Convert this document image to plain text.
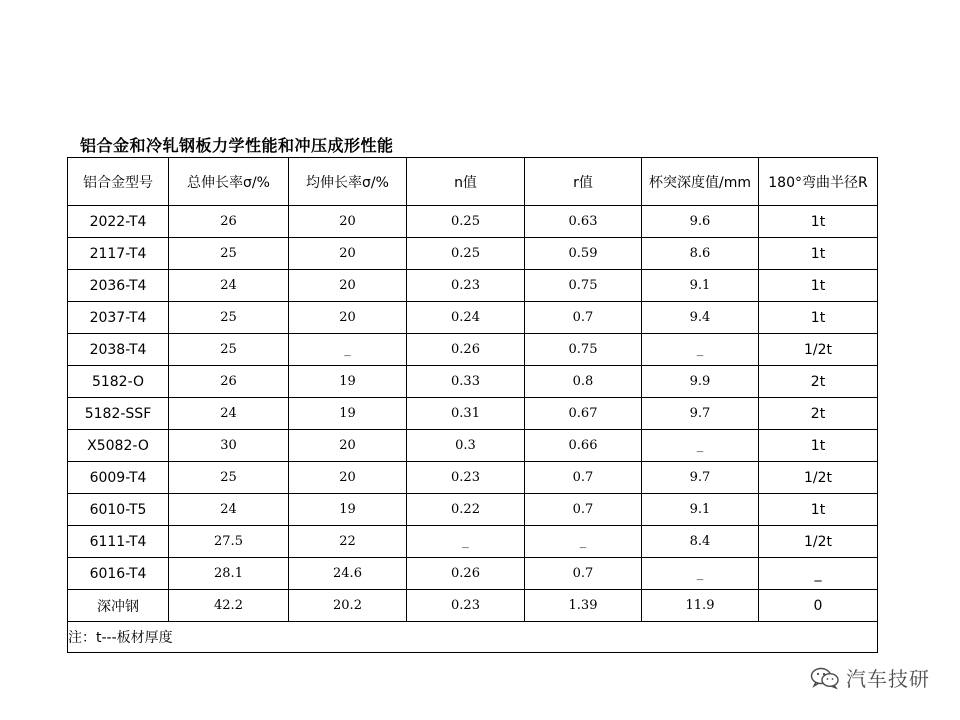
铝合金和冷轧钢板力学性能和冲压成形性能
铝合金型号	总伸长率σ/%	均伸长率σ/%	n值	r值	杯突深度值/mm	180°弯曲半径R
2022-T4	26	20	0.25	0.63	9.6	1t
2117-T4	25	20	0.25	0.59	8.6	1t
2036-T4	24	20	0.23	0.75	9.1	1t
2037-T4	25	20	0.24	0.7	9.4	1t
2038-T4	25	_	0.26	0.75	_	1/2t
5182-O	26	19	0.33	0.8	9.9	2t
5182-SSF	24	19	0.31	0.67	9.7	2t
X5082-O	30	20	0.3	0.66	_	1t
6009-T4	25	20	0.23	0.7	9.7	1/2t
6010-T5	24	19	0.22	0.7	9.1	1t
6111-T4	27.5	22	_	_	8.4	1/2t
6016-T4	28.1	24.6	0.26	0.7	_	_
深冲钢	42.2	20.2	0.23	1.39	11.9	0
注：t---板材厚度						
汽车技研
